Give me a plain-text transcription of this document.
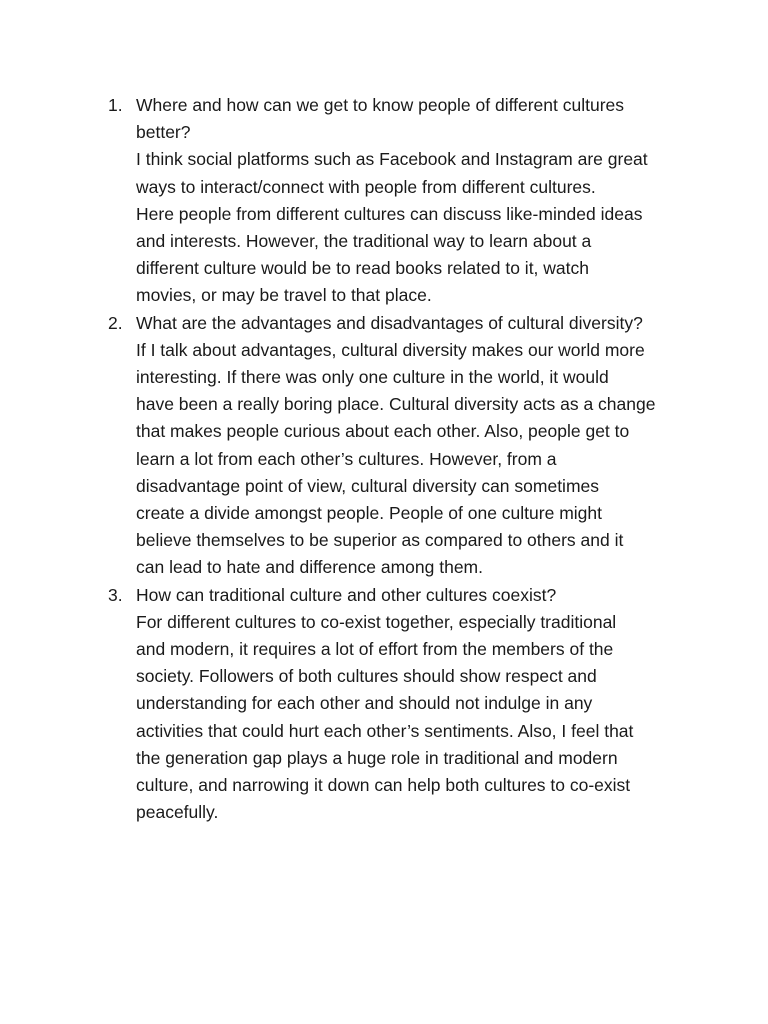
1. Where and how can we get to know people of different cultures
better?
I think social platforms such as Facebook and Instagram are great
ways to interact/connect with people from different cultures.
Here people from different cultures can discuss like-minded ideas
and interests. However, the traditional way to learn about a
different culture would be to read books related to it, watch
movies, or may be travel to that place.
2. What are the advantages and disadvantages of cultural diversity?
If I talk about advantages, cultural diversity makes our world more
interesting. If there was only one culture in the world, it would
have been a really boring place. Cultural diversity acts as a change
that makes people curious about each other. Also, people get to
learn a lot from each other’s cultures. However, from a
disadvantage point of view, cultural diversity can sometimes
create a divide amongst people. People of one culture might
believe themselves to be superior as compared to others and it
can lead to hate and difference among them.
3. How can traditional culture and other cultures coexist?
For different cultures to co-exist together, especially traditional
and modern, it requires a lot of effort from the members of the
society. Followers of both cultures should show respect and
understanding for each other and should not indulge in any
activities that could hurt each other’s sentiments. Also, I feel that
the generation gap plays a huge role in traditional and modern
culture, and narrowing it down can help both cultures to co-exist
peacefully.
